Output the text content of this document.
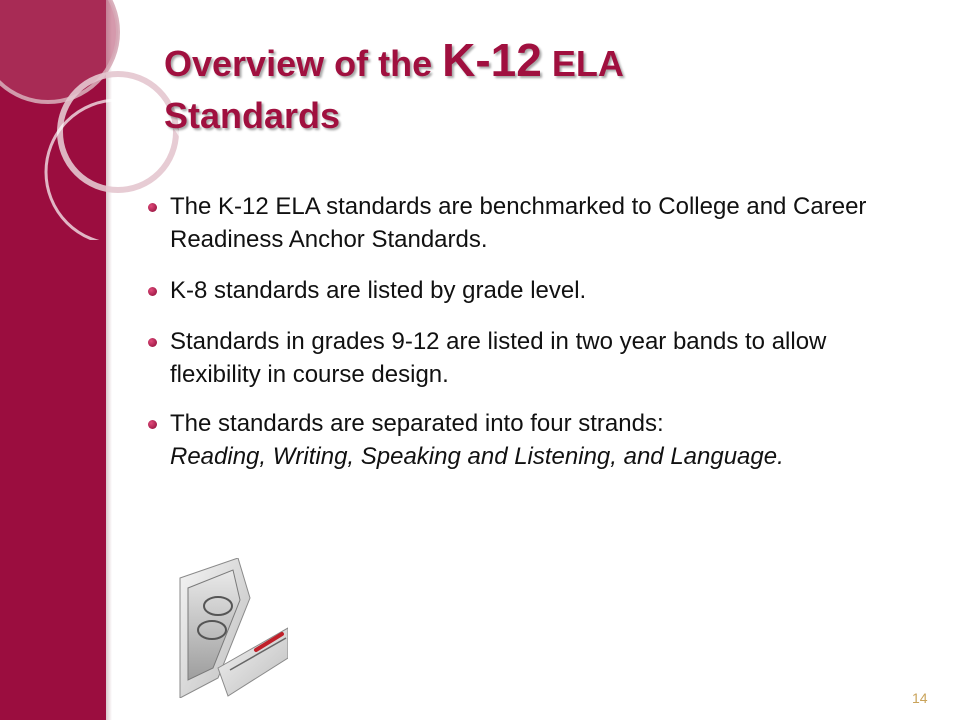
Overview of the K-12 ELA
Standards
The K-12 ELA standards are benchmarked to College and Career Readiness Anchor Standards.
K-8 standards are listed by grade level.
Standards in grades 9-12 are listed in two year bands to allow flexibility in course design.
The standards are separated into four strands:
Reading, Writing, Speaking and Listening, and Language.
14
